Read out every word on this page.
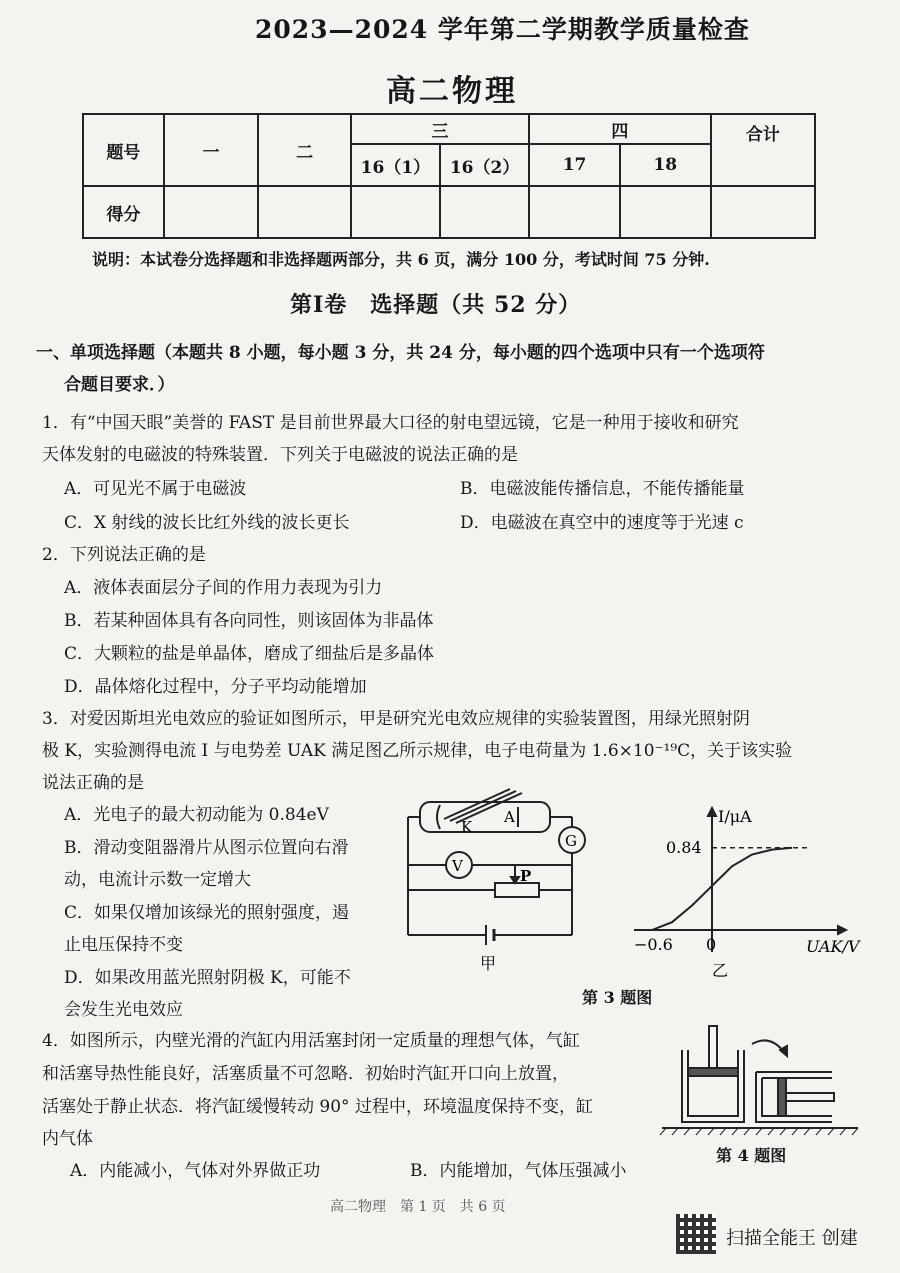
2023—2024 学年第二学期教学质量检查
高二物理
题号	一	二	三		四		合计
			16（1）	16（2）	17	18	
得分							
说明：本试卷分选择题和非选择题两部分，共 6 页，满分 100 分，考试时间 75 分钟.
第Ⅰ卷　选择题（共 52 分）
一、单项选择题（本题共 8 小题，每小题 3 分，共 24 分，每小题的四个选项中只有一个选项符
合题目要求．）
1．有“中国天眼”美誉的 FAST 是目前世界最大口径的射电望远镜，它是一种用于接收和研究
天体发射的电磁波的特殊装置．下列关于电磁波的说法正确的是
A．可见光不属于电磁波	B．电磁波能传播信息，不能传播能量
C．X 射线的波长比红外线的波长更长	D．电磁波在真空中的速度等于光速 c
2．下列说法正确的是
A．液体表面层分子间的作用力表现为引力
B．若某种固体具有各向同性，则该固体为非晶体
C．大颗粒的盐是单晶体，磨成了细盐后是多晶体
D．晶体熔化过程中，分子平均动能增加
3．对爱因斯坦光电效应的验证如图所示，甲是研究光电效应规律的实验装置图，用绿光照射阴
极 K，实验测得电流 I 与电势差 UAK 满足图乙所示规律，电子电荷量为 1.6×10⁻¹⁹C，关于该实验
说法正确的是
A．光电子的最大初动能为 0.84eV
B．滑动变阻器滑片从图示位置向右滑
动，电流计示数一定增大
C．如果仅增加该绿光的照射强度，遏
止电压保持不变
D．如果改用蓝光照射阴极 K，可能不
会发生光电效应
K
A
G
V
P
甲
I/μA
0.84
−0.6 0	UAK/V
乙
第 3 题图
4．如图所示，内壁光滑的汽缸内用活塞封闭一定质量的理想气体，气缸
和活塞导热性能良好，活塞质量不可忽略．初始时汽缸开口向上放置，
活塞处于静止状态．将汽缸缓慢转动 90° 过程中，环境温度保持不变，缸
内气体
A．内能减小，气体对外界做正功	B．内能增加，气体压强减小
第 4 题图
高二物理　第 1 页　共 6 页
扫描全能王 创建
